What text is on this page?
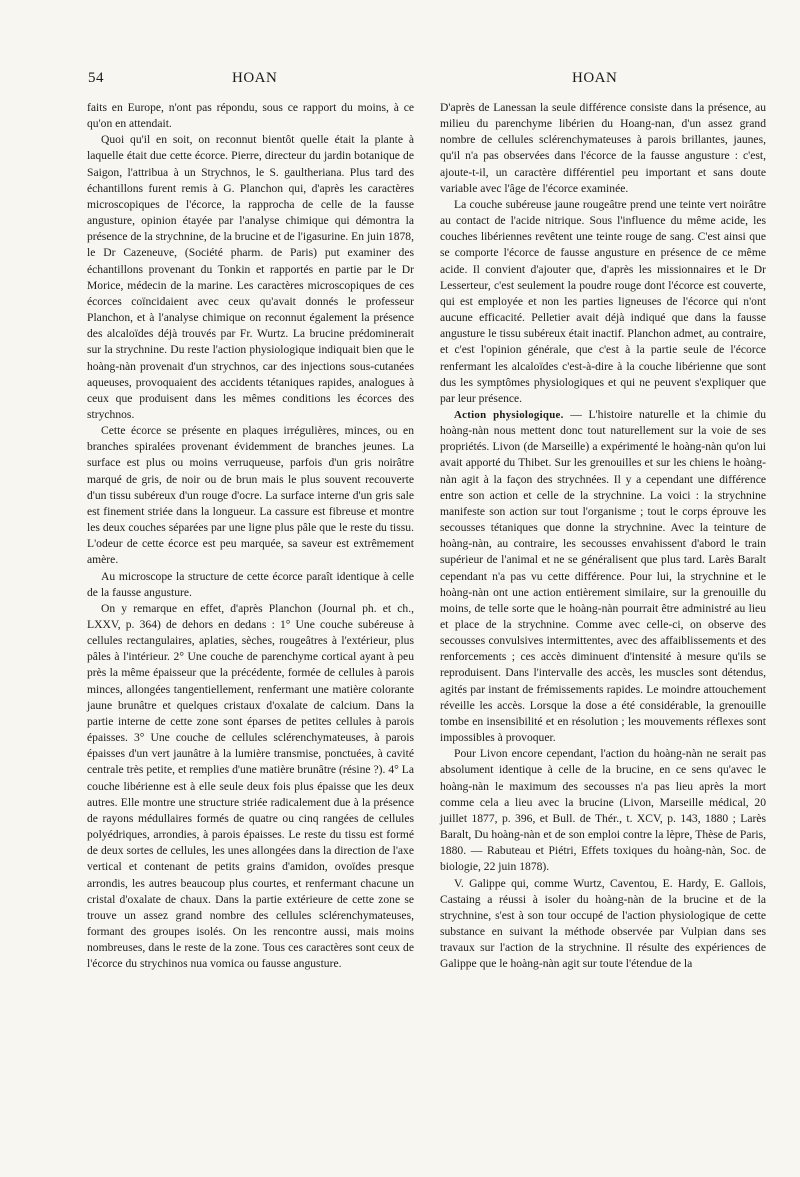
54	HOAN	HOAN

faits en Europe, n'ont pas répondu, sous ce rapport du moins, à ce qu'on en attendait.

Quoi qu'il en soit, on reconnut bientôt quelle était la plante à laquelle était due cette écorce. Pierre, directeur du jardin botanique de Saigon, l'attribua à un Strychnos, le S. gaultheriana. Plus tard des échantillons furent remis à G. Planchon qui, d'après les caractères microscopiques de l'écorce, la rapprocha de celle de la fausse angusture, opinion étayée par l'analyse chimique qui démontra la présence de la strychnine, de la brucine et de l'igasurine. En juin 1878, le Dr Cazeneuve, (Société pharm. de Paris) put examiner des échantillons provenant du Tonkin et rapportés en partie par le Dr Morice, médecin de la marine. Les caractères microscopiques de ces écorces coïncidaient avec ceux qu'avait donnés le professeur Planchon, et à l'analyse chimique on reconnut également la présence des alcaloïdes déjà trouvés par Fr. Wurtz. La brucine prédominerait sur la strychnine. Du reste l'action physiologique indiquait bien que le hoàng-nàn provenait d'un strychnos, car des injections sous-cutanées aqueuses, provoquaient des accidents tétaniques rapides, analogues à ceux que produisent dans les mêmes conditions les écorces des strychnos.

Cette écorce se présente en plaques irrégulières, minces, ou en branches spiralées provenant évidemment de branches jeunes. La surface est plus ou moins verruqueuse, parfois d'un gris noirâtre marqué de gris, de noir ou de brun mais le plus souvent recouverte d'un tissu subéreux d'un rouge d'ocre. La surface interne d'un gris sale est finement striée dans la longueur. La cassure est fibreuse et montre les deux couches séparées par une ligne plus pâle que le reste du tissu. L'odeur de cette écorce est peu marquée, sa saveur est extrêmement amère.

Au microscope la structure de cette écorce paraît identique à celle de la fausse angusture.

On y remarque en effet, d'après Planchon (Journal ph. et ch., LXXV, p. 364) de dehors en dedans : 1° Une couche subéreuse à cellules rectangulaires, aplaties, sèches, rougeâtres à l'extérieur, plus pâles à l'intérieur. 2° Une couche de parenchyme cortical ayant à peu près la même épaisseur que la précédente, formée de cellules à parois minces, allongées tangentiellement, renfermant une matière colorante jaune brunâtre et quelques cristaux d'oxalate de calcium. Dans la partie interne de cette zone sont éparses de petites cellules à parois épaisses. 3° Une couche de cellules sclérenchymateuses, à parois épaisses d'un vert jaunâtre à la lumière transmise, ponctuées, à cavité centrale très petite, et remplies d'une matière brunâtre (résine ?). 4° La couche libérienne est à elle seule deux fois plus épaisse que les deux autres. Elle montre une structure striée radicalement due à la présence de rayons médullaires formés de quatre ou cinq rangées de cellules polyédriques, arrondies, à parois épaisses. Le reste du tissu est formé de deux sortes de cellules, les unes allongées dans la direction de l'axe vertical et contenant de petits grains d'amidon, ovoïdes presque arrondis, les autres beaucoup plus courtes, et renfermant chacune un cristal d'oxalate de chaux. Dans la partie extérieure de cette zone se trouve un assez grand nombre des cellules sclérenchymateuses, formant des groupes isolés. On les rencontre aussi, mais moins nombreuses, dans le reste de la zone. Tous ces caractères sont ceux de l'écorce du strychinos nua vomica ou fausse angusture.

D'après de Lanessan la seule différence consiste dans la présence, au milieu du parenchyme libérien du Hoang-nan, d'un assez grand nombre de cellules sclérenchymateuses à parois brillantes, jaunes, qu'il n'a pas observées dans l'écorce de la fausse angusture : c'est, ajoute-t-il, un caractère différentiel peu important et sans doute variable avec l'âge de l'écorce examinée.

La couche subéreuse jaune rougeâtre prend une teinte vert noirâtre au contact de l'acide nitrique. Sous l'influence du même acide, les couches libériennes revêtent une teinte rouge de sang. C'est ainsi que se comporte l'écorce de fausse angusture en présence de ce même acide. Il convient d'ajouter que, d'après les missionnaires et le Dr Lesserteur, c'est seulement la poudre rouge dont l'écorce est couverte, qui est employée et non les parties ligneuses de l'écorce qui n'ont aucune efficacité. Pelletier avait déjà indiqué que dans la fausse angusture le tissu subéreux était inactif. Planchon admet, au contraire, et c'est l'opinion générale, que c'est à la partie seule de l'écorce renfermant les alcaloïdes c'est-à-dire à la couche libérienne que sont dus les symptômes physiologiques et qui ne peuvent s'expliquer que par leur présence.

Action physiologique. — L'histoire naturelle et la chimie du hoàng-nàn nous mettent donc tout naturellement sur la voie de ses propriétés. Livon (de Marseille) a expérimenté le hoàng-nàn qu'on lui avait apporté du Thibet. Sur les grenouilles et sur les chiens le hoàng-nàn agit à la façon des strychnées. Il y a cependant une différence entre son action et celle de la strychnine. La voici : la strychnine manifeste son action sur tout l'organisme ; tout le corps éprouve les secousses tétaniques que donne la strychnine. Avec la teinture de hoàng-nàn, au contraire, les secousses envahissent d'abord le train supérieur de l'animal et ne se généralisent que plus tard. Larès Baralt cependant n'a pas vu cette différence. Pour lui, la strychnine et le hoàng-nàn ont une action entièrement similaire, sur la grenouille du moins, de telle sorte que le hoàng-nàn pourrait être administré au lieu et place de la strychnine. Comme avec celle-ci, on observe des secousses convulsives intermittentes, avec des affaiblissements et des renforcements ; ces accès diminuent d'intensité à mesure qu'ils se reproduisent. Dans l'intervalle des accès, les muscles sont détendus, agités par instant de frémissements rapides. Le moindre attouchement réveille les accès. Lorsque la dose a été considérable, la grenouille tombe en insensibilité et en résolution ; les mouvements réflexes sont impossibles à provoquer.

Pour Livon encore cependant, l'action du hoàng-nàn ne serait pas absolument identique à celle de la brucine, en ce sens qu'avec le hoàng-nàn le maximum des secousses n'a pas lieu après la mort comme cela a lieu avec la brucine (Livon, Marseille médical, 20 juillet 1877, p. 396, et Bull. de Thér., t. XCV, p. 143, 1880 ; Larès Baralt, Du hoàng-nàn et de son emploi contre la lèpre, Thèse de Paris, 1880. — Rabuteau et Piétri, Effets toxiques du hoàng-nàn, Soc. de biologie, 22 juin 1878).

V. Galippe qui, comme Wurtz, Caventou, E. Hardy, E. Gallois, Castaing a réussi à isoler du hoàng-nàn de la brucine et de la strychnine, s'est à son tour occupé de l'action physiologique de cette substance en suivant la méthode observée par Vulpian dans ses travaux sur l'action de la strychnine. Il résulte des expériences de Galippe que le hoàng-nàn agit sur toute l'étendue de la
